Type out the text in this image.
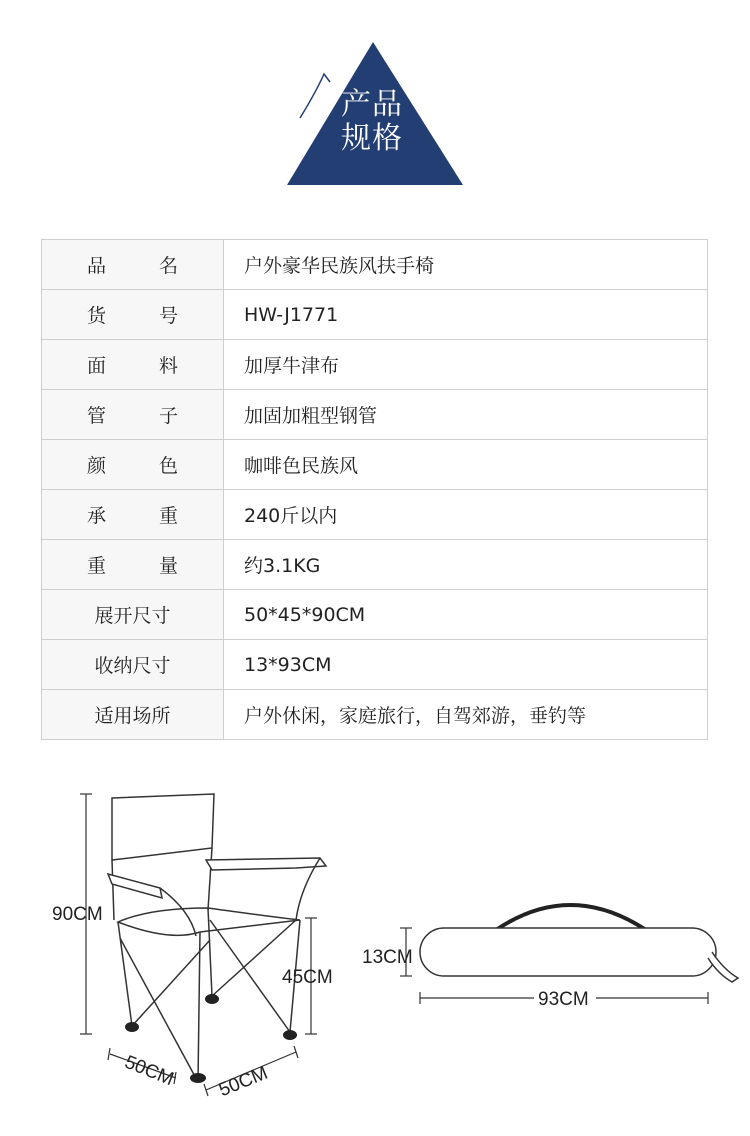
产品
规格
品 名	户外豪华民族风扶手椅

货 号	HW-J1771

面 料	加厚牛津布

管 子	加固加粗型钢管

颜 色	咖啡色民族风

承 重	240斤以内

重 量	约3.1KG
展开尺寸	50*45*90CM
收纳尺寸	13*93CM
适用场所	户外休闲，家庭旅行，自驾郊游，垂钓等
90CM
45CM
50CM 50CM
13CM
93CM
